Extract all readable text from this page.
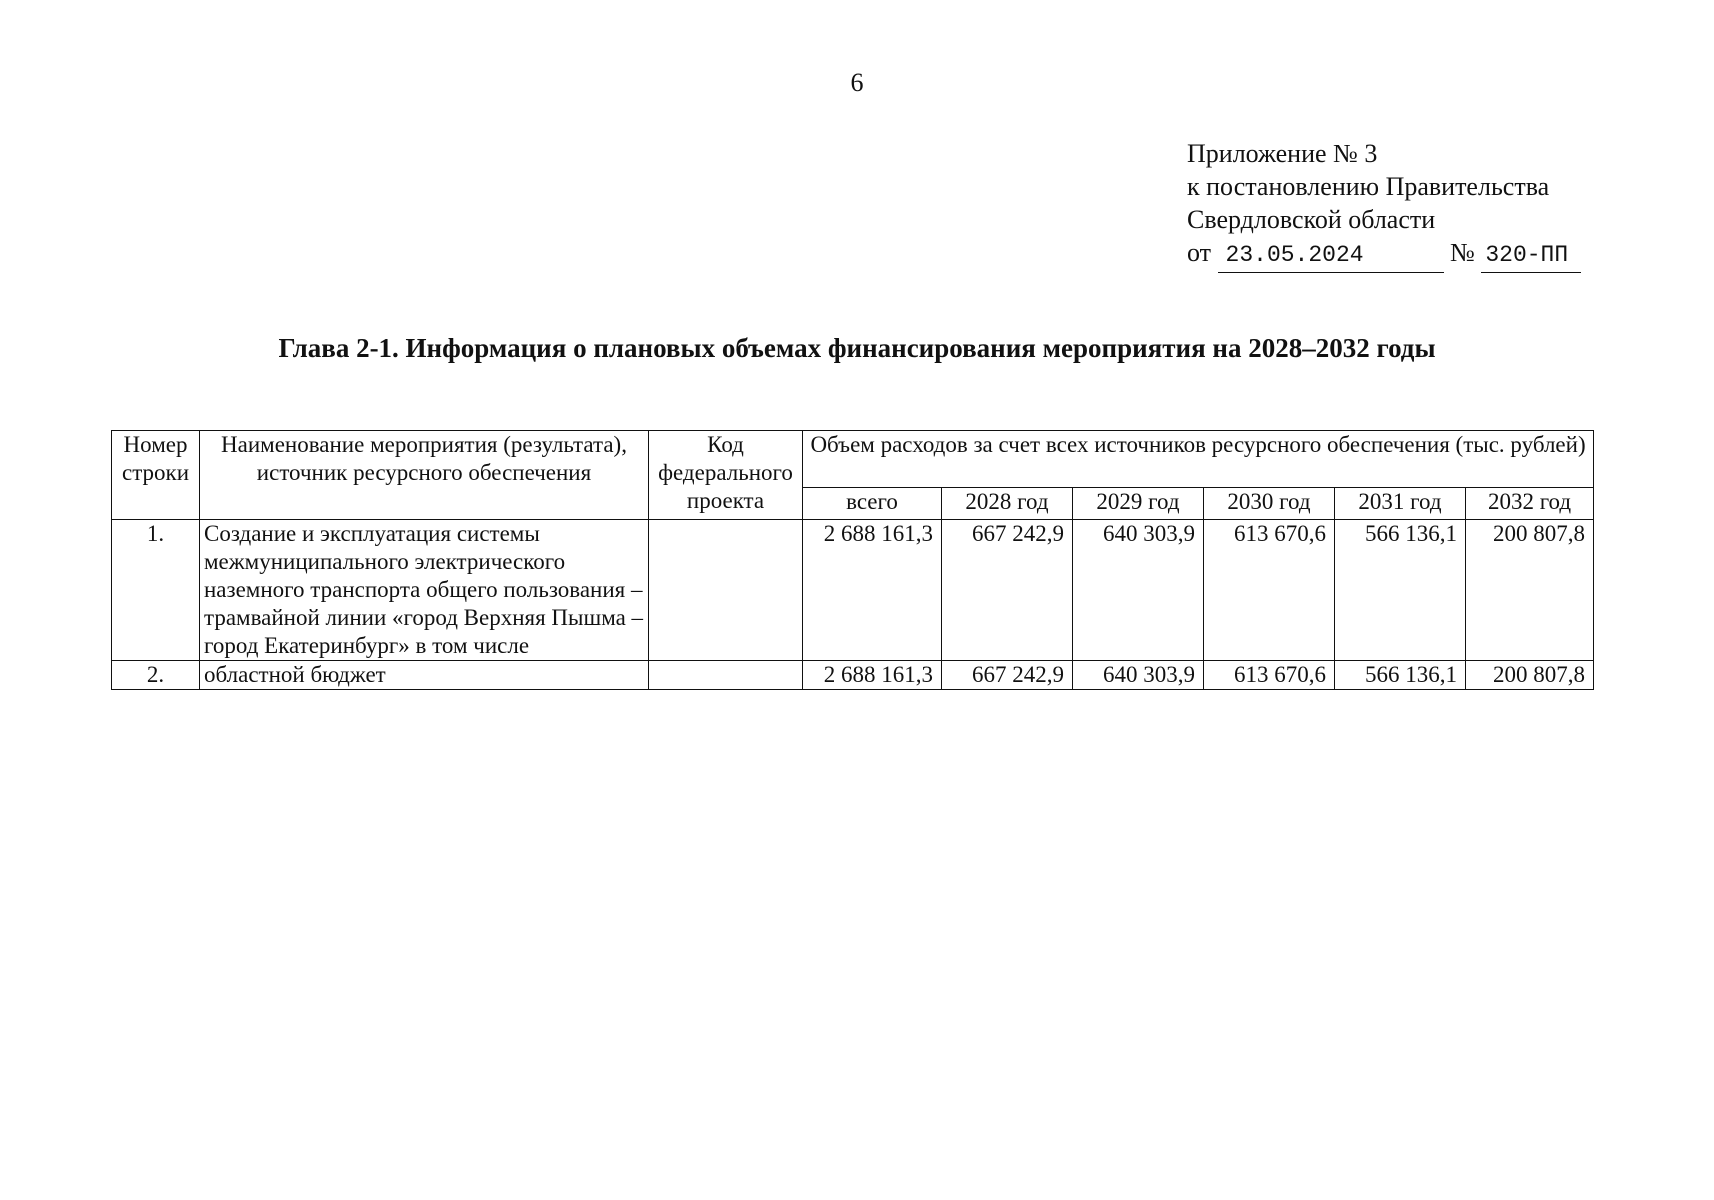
6
Приложение № 3
к постановлению Правительства
Свердловской области
от 23.05.2024	№ 320-ПП
Глава 2-1. Информация о плановых объемах финансирования мероприятия на 2028–2032 годы
Номер строки	Наименование мероприятия (результата), источник ресурсного обеспечения	Код федерального проекта	Объем расходов за счет всех источников ресурсного обеспечения (тыс. рублей)					
			всего	2028 год	2029 год	2030 год	2031 год	2032 год
1.	Создание и эксплуатация системы межмуниципального электрического наземного транспорта общего пользования – трамвайной линии «город Верхняя Пышма – город Екатеринбург» в том числе		2 688 161,3	667 242,9	640 303,9	613 670,6	566 136,1	200 807,8
2.	областной бюджет		2 688 161,3	667 242,9	640 303,9	613 670,6	566 136,1	200 807,8
